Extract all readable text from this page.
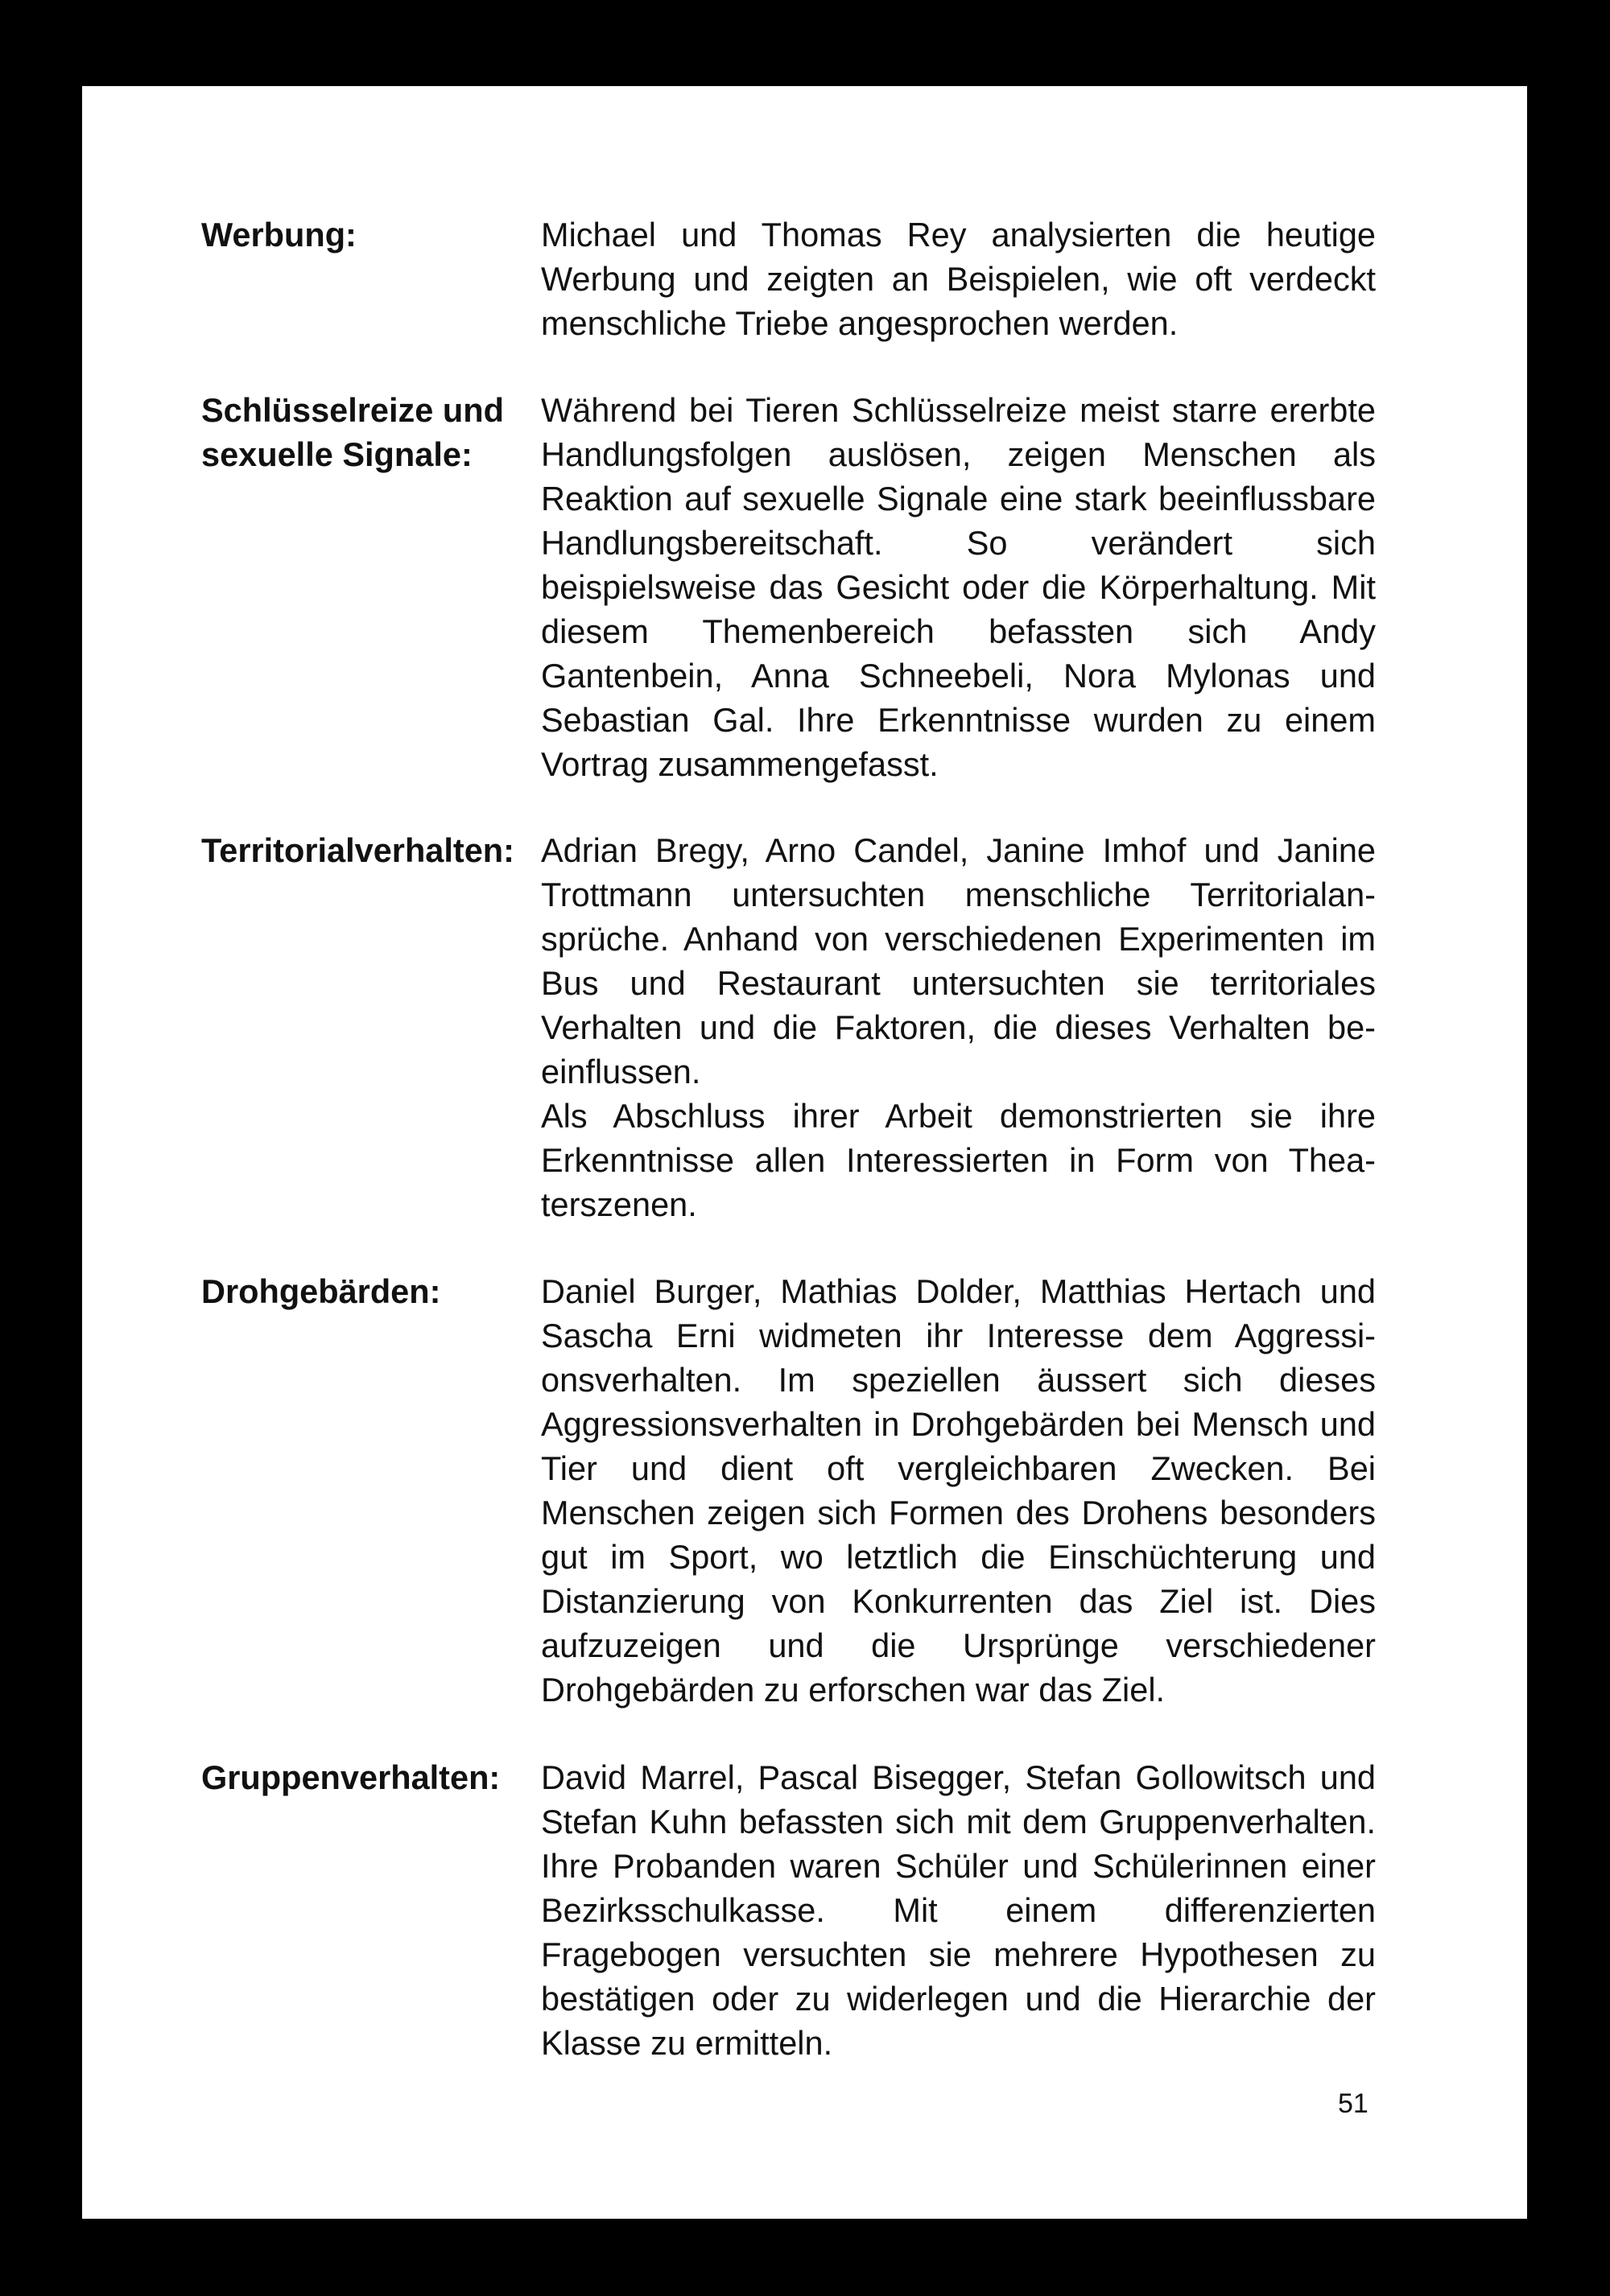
Werbung:	Michael und Thomas Rey analysierten die heutige Werbung und zeigten an Beispielen, wie oft verdeckt menschliche Triebe angesprochen werden.
Schlüsselreize und sexuelle Signale:
Während bei Tieren Schlüsselreize meist starre ererbte Handlungsfolgen auslösen, zeigen Menschen als Reaktion auf sexuelle Signale eine stark beeinflussbare Handlungsbereitschaft. So verändert sich beispielsweise das Gesicht oder die Körperhaltung. Mit diesem Themenbereich befassten sich Andy Gantenbein, Anna Schneebeli, Nora Mylonas und Sebastian Gal. Ihre Erkenntnisse wurden zu einem Vortrag zusammengefasst.
Territorialverhalten: Adrian Bregy, Arno Candel, Janine Imhof und Janine Trottmann untersuchten menschliche Territorialansprüche. Anhand von verschiedenen Experimenten im Bus und Restaurant untersuchten sie territoriales Verhalten und die Faktoren, die dieses Verhalten beeinflussen.
Als Abschluss ihrer Arbeit demonstrierten sie ihre Erkenntnisse allen Interessierten in Form von Theaterszenen.
Drohgebärden:	Daniel Burger, Mathias Dolder, Matthias Hertach und Sascha Erni widmeten ihr Interesse dem Aggressionsverhalten. Im speziellen äussert sich dieses Aggressionsverhalten in Drohgebärden bei Mensch und Tier und dient oft vergleichbaren Zwecken. Bei Menschen zeigen sich Formen des Drohens besonders gut im Sport, wo letztlich die Einschüchterung und Distanzierung von Konkurrenten das Ziel ist. Dies aufzuzeigen und die Ursprünge verschiedener Drohgebärden zu erforschen war das Ziel.
Gruppenverhalten:	David Marrel, Pascal Bisegger, Stefan Gollowitsch und Stefan Kuhn befassten sich mit dem Gruppenverhalten. Ihre Probanden waren Schüler und Schülerinnen einer Bezirksschulkasse. Mit einem differenzierten Fragebogen versuchten sie mehrere Hypothesen zu bestätigen oder zu widerlegen und die Hierarchie der Klasse zu ermitteln.
51
